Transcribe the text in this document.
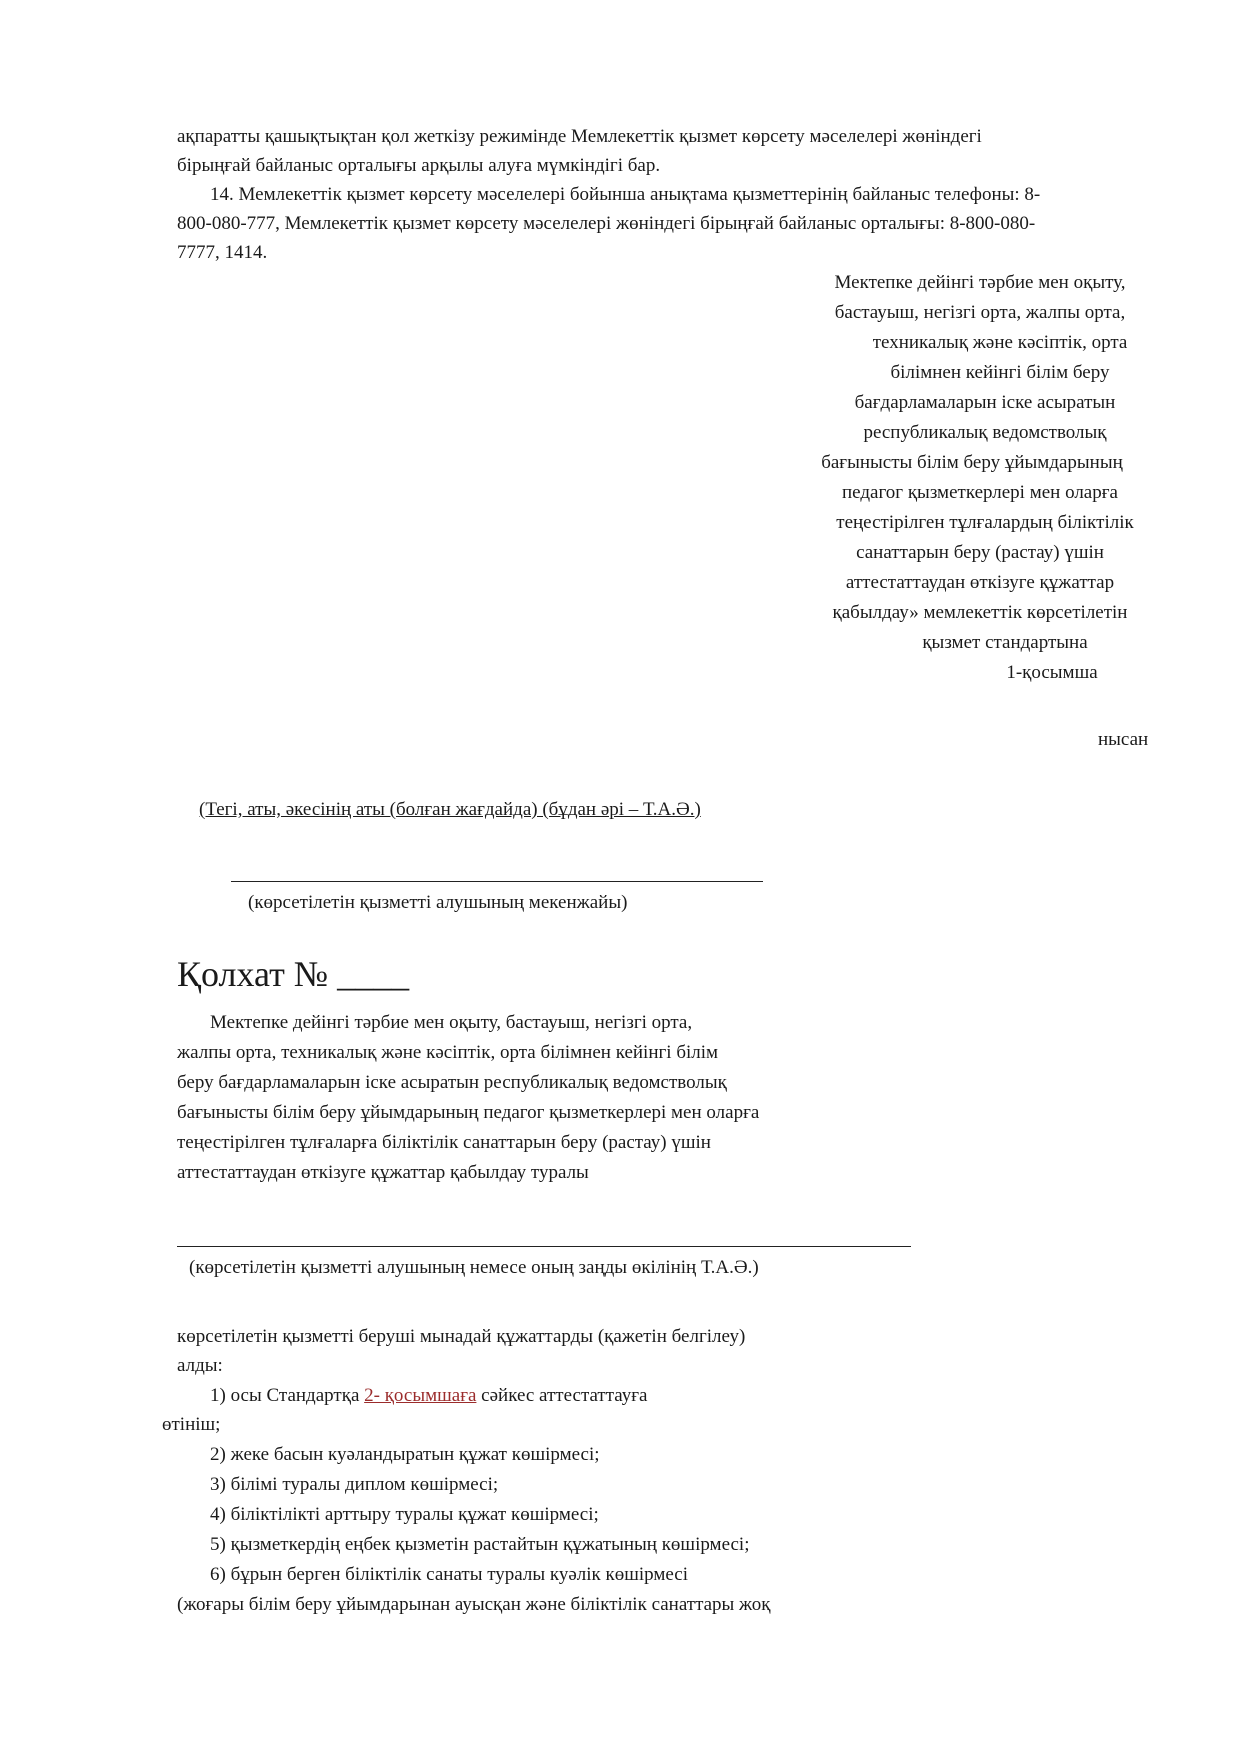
ақпаратты қашықтықтан қол жеткізу режимінде Мемлекеттік қызмет көрсету мәселелері жөніндегі
бірыңғай байланыс орталығы арқылы алуға мүмкіндігі бар.
14. Мемлекеттік қызмет көрсету мәселелері бойынша анықтама қызметтерінің байланыс телефоны: 8-
800-080-777, Мемлекеттік қызмет көрсету мәселелері жөніндегі бірыңғай байланыс орталығы: 8-800-080-
7777, 1414.
Мектепке дейінгі тәрбие мен оқыту,
бастауыш, негізгі орта, жалпы орта,
техникалық және кәсіптік, орта
білімнен кейінгі білім беру
бағдарламаларын іске асыратын
республикалық ведомстволық
бағынысты білім беру ұйымдарының
педагог қызметкерлері мен оларға
теңестірілген тұлғалардың біліктілік
санаттарын беру (растау) үшін
аттестаттаудан өткізуге құжаттар
қабылдау» мемлекеттік көрсетілетін
қызмет стандартына
1-қосымша
нысан
(Тегі, аты, әкесінің аты (болған жағдайда) (бұдан әрі – Т.А.Ә.)
(көрсетілетін қызметті алушының мекенжайы)
Қолхат № ____
Мектепке дейінгі тәрбие мен оқыту, бастауыш, негізгі орта,
жалпы орта, техникалық және кәсіптік, орта білімнен кейінгі білім
беру бағдарламаларын іске асыратын республикалық ведомстволық
бағынысты білім беру ұйымдарының педагог қызметкерлері мен оларға
теңестірілген тұлғаларға біліктілік санаттарын беру (растау) үшін
аттестаттаудан өткізуге құжаттар қабылдау туралы
(көрсетілетін қызметті алушының немесе оның заңды өкілінің Т.А.Ә.)
көрсетілетін қызметті беруші мынадай құжаттарды (қажетін белгілеу)
алды:
1) осы Стандартқа 2- қосымшаға сәйкес аттестаттауға
өтініш;
2) жеке басын куәландыратын құжат көшірмесі;
3) білімі туралы диплом көшірмесі;
4) біліктілікті арттыру туралы құжат көшірмесі;
5) қызметкердің еңбек қызметін растайтын құжатының көшірмесі;
6) бұрын берген біліктілік санаты туралы куәлік көшірмесі
(жоғары білім беру ұйымдарынан ауысқан және біліктілік санаттары жоқ
